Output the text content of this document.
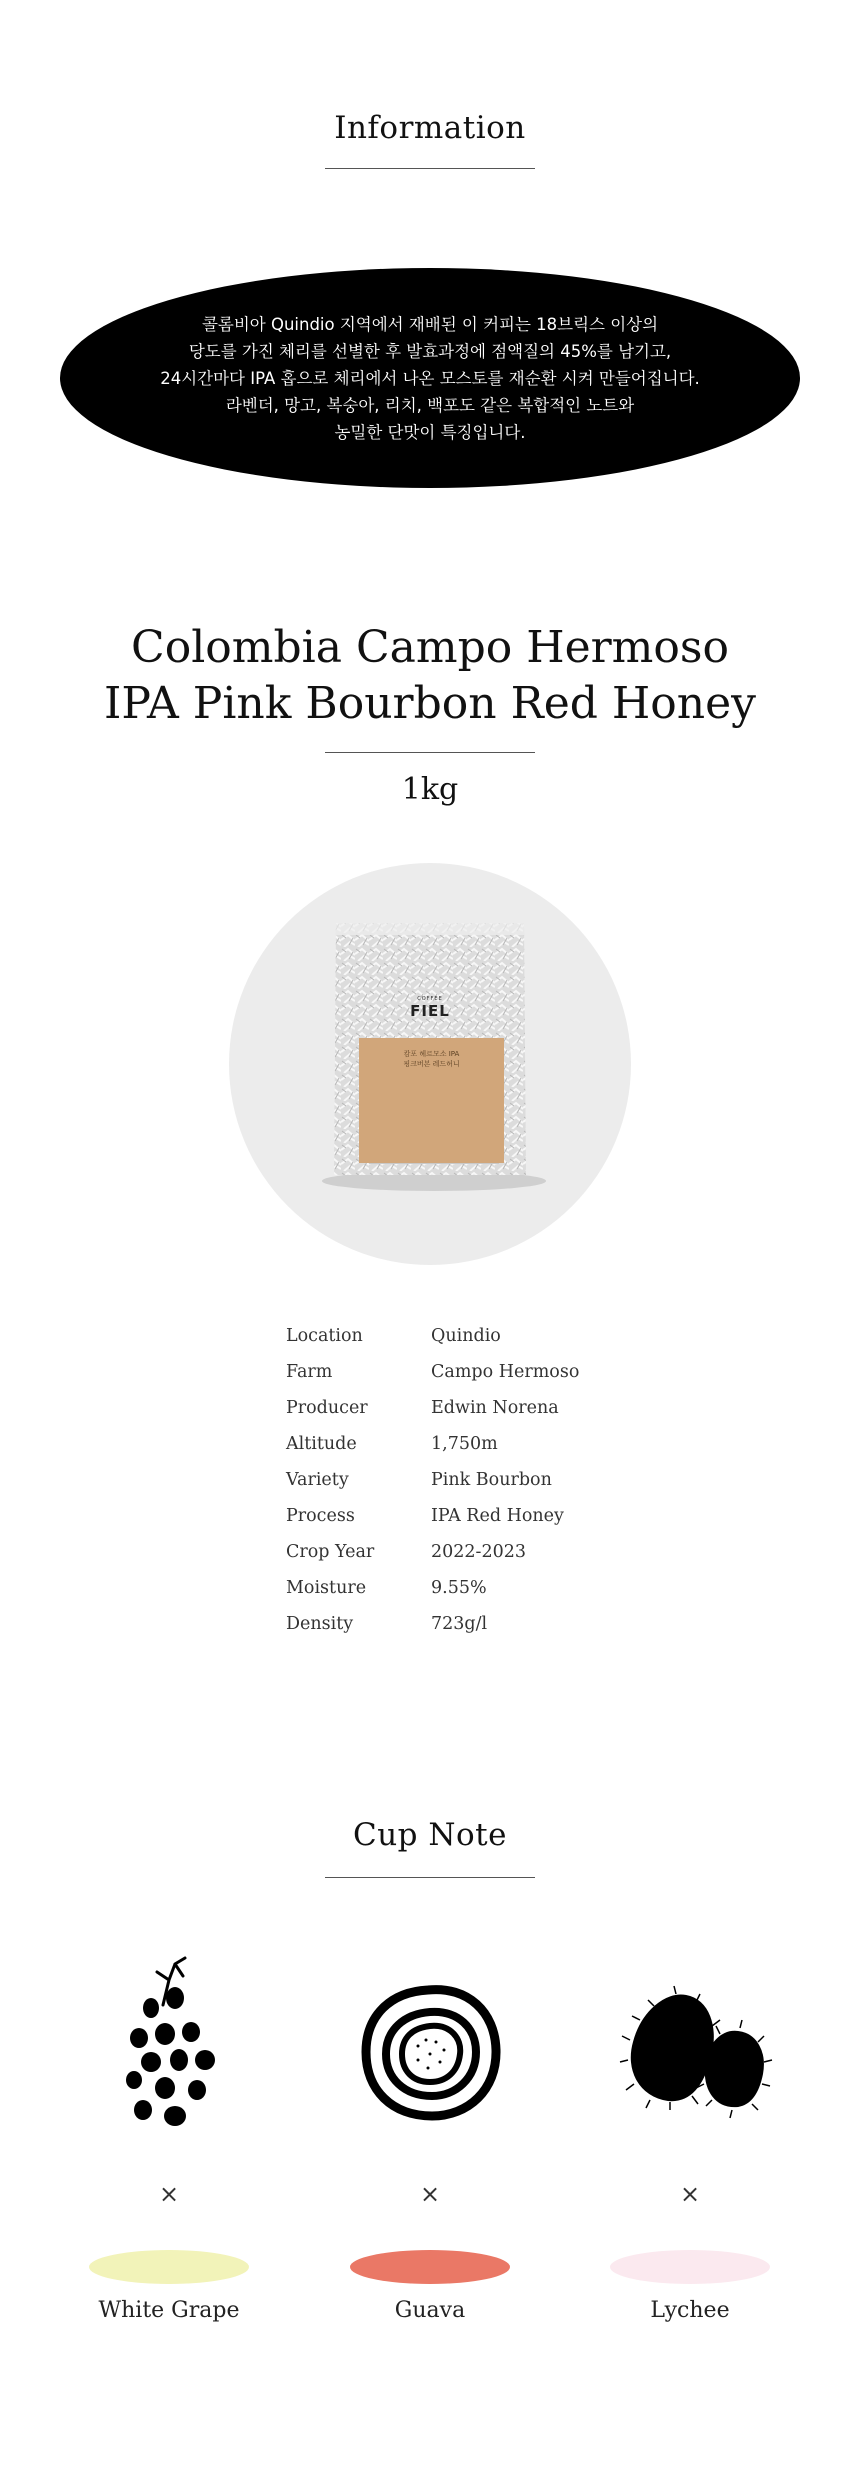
Information
콜롬비아 Quindio 지역에서 재배된 이 커피는 18브릭스 이상의
당도를 가진 체리를 선별한 후 발효과정에 점액질의 45%를 남기고,
24시간마다 IPA 홉으로 체리에서 나온 모스토를 재순환 시켜 만들어집니다.
라벤더, 망고, 복숭아, 리치, 백포도 같은 복합적인 노트와
농밀한 단맛이 특징입니다.
Colombia Campo Hermoso
IPA Pink Bourbon Red Honey
1kg
COFFEE
FIEL
캄포 헤르모소 IPA
핑크버본 레드허니
Location	Quindio
Farm	Campo Hermoso
Producer	Edwin Norena
Altitude	1,750m
Variety	Pink Bourbon
Process	IPA Red Honey
Crop Year	2022-2023
Moisture	9.55%
Density	723g/l
Cup Note
×
White Grape
×
Guava
×
Lychee
